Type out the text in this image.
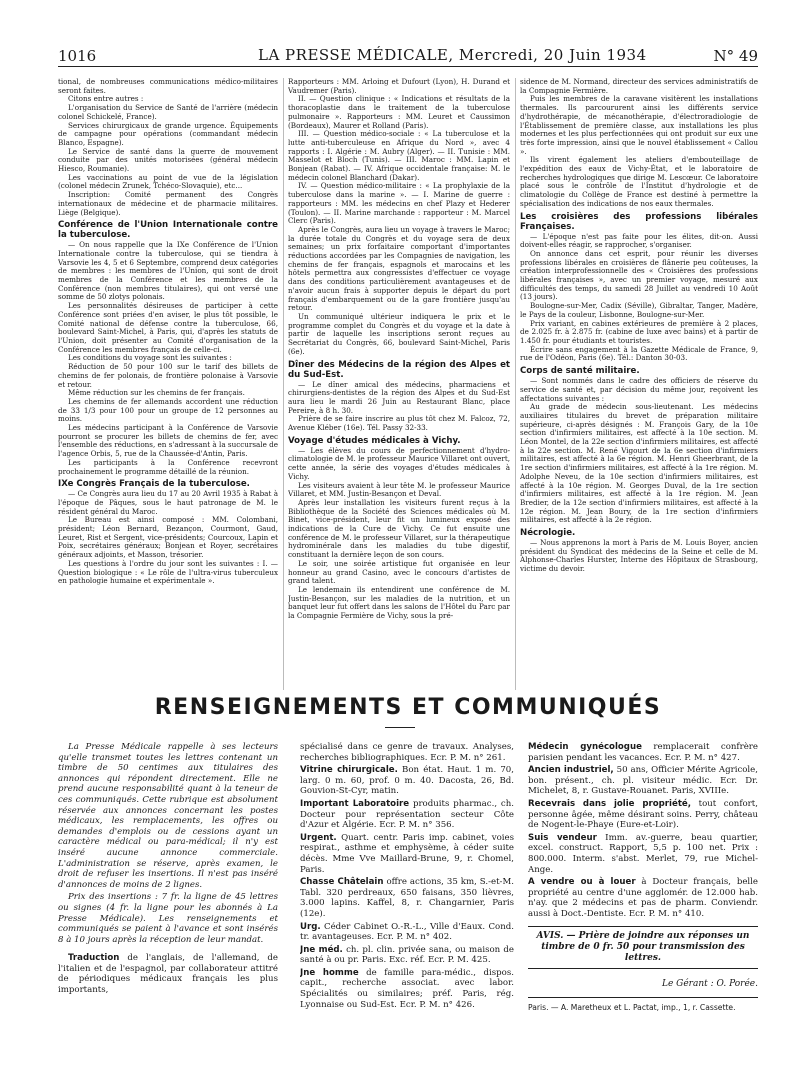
1016	LA PRESSE MÉDICALE, Mercredi, 20 Juin 1934	N° 49

tional, de nombreuses communications médico-militaires seront faites.

Citons entre autres :

L'organisation du Service de Santé de l'arrière (médecin colonel Schickelé, France).

Services chirurgicaux de grande urgence. Équipements de campagne pour opérations (commandant médecin Blanco, Espagne).

Le Service de santé dans la guerre de mouvement conduite par des unités motorisées (général médecin Hiesco, Roumanie).

Les vaccinations au point de vue de la législation (colonel médecin Zrunek, Tchéco-Slovaquie), etc...

Inscription: Comité permanent des Congrès internationaux de médecine et de pharmacie militaires. Liège (Belgique).

Conférence de l'Union Internationale contre la tuberculose.

— On nous rappelle que la IXe Conférence de l'Union Internationale contre la tuberculose, qui se tiendra à Varsovie les 4, 5 et 6 Septembre, comprend deux catégories de membres : les membres de l'Union, qui sont de droit membres de la Conférence et les membres de la Conférence (non membres titulaires), qui ont versé une somme de 50 zlotys polonais.

Les personnalités désireuses de participer à cette Conférence sont priées d'en aviser, le plus tôt possible, le Comité national de défense contre la tuberculose, 66, boulevard Saint-Michel, à Paris, qui, d'après les statuts de l'Union, doit présenter au Comité d'organisation de la Conférence les membres français de celle-ci.

Les conditions du voyage sont les suivantes :

Réduction de 50 pour 100 sur le tarif des billets de chemins de fer polonais, de frontière polonaise à Varsovie et retour.

Même réduction sur les chemins de fer français.

Les chemins de fer allemands accordent une réduction de 33 1/3 pour 100 pour un groupe de 12 personnes au moins.

Les médecins participant à la Conférence de Varsovie pourront se procurer les billets de chemins de fer, avec l'ensemble des réductions, en s'adressant à la succursale de l'agence Orbis, 5, rue de la Chaussée-d'Antin, Paris.

Les participants à la Conférence recevront prochainement le programme détaillé de la réunion.

IXe Congrès Français de la tuberculose.

— Ce Congrès aura lieu du 17 au 20 Avril 1935 à Rabat à l'époque de Pâques, sous le haut patronage de M. le résident général du Maroc.

Le Bureau est ainsi composé : MM. Colombani, président; Léon Bernard, Bezançon, Courmont, Gaud, Leuret, Rist et Sergent, vice-présidents; Courcoux, Lapin et Poix, secrétaires généraux; Bonjean et Royer, secrétaires généraux adjoints, et Masson, trésorier.

Les questions à l'ordre du jour sont les suivantes : I. — Question biologique : « Le rôle de l'ultra-virus tuberculeux en pathologie humaine et expérimentale ».

Rapporteurs : MM. Arloing et Dufourt (Lyon), H. Durand et Vaudremer (Paris).

II. — Question clinique : « Indications et résultats de la thoracoplastie dans le traitement de la tuberculose pulmonaire ». Rapporteurs : MM. Leuret et Caussimon (Bordeaux), Maurer et Rolland (Paris).

III. — Question médico-sociale : « La tuberculose et la lutte anti-tuberculeuse en Afrique du Nord », avec 4 rapports : I. Algérie : M. Aubry (Alger). — II. Tunisie : MM. Masselot et Bloch (Tunis). — III. Maroc : MM. Lapin et Bonjean (Rabat). — IV. Afrique occidentale française: M. le médecin colonel Blanchard (Dakar).

IV. — Question médico-militaire : « La prophylaxie de la tuberculose dans la marine ». — I. Marine de guerre : rapporteurs : MM. les médecins en chef Plazy et Hederer (Toulon). — II. Marine marchande : rapporteur : M. Marcel Clerc (Paris).

Après le Congrès, aura lieu un voyage à travers le Maroc; la durée totale du Congrès et du voyage sera de deux semaines; un prix forfaitaire comportant d'importantes réductions accordées par les Compagnies de navigation, les chemins de fer français, espagnols et marocains et les hôtels permettra aux congressistes d'effectuer ce voyage dans des conditions particulièrement avantageuses et de n'avoir aucun frais à supporter depuis le départ du port français d'embarquement ou de la gare frontière jusqu'au retour.

Un communiqué ultérieur indiquera le prix et le programme complet du Congrès et du voyage et la date à partir de laquelle les inscriptions seront reçues au Secrétariat du Congrès, 66, boulevard Saint-Michel, Paris (6e).

Dîner des Médecins de la région des Alpes et du Sud-Est.

— Le dîner amical des médecins, pharmaciens et chirurgiens-dentistes de la région des Alpes et du Sud-Est aura lieu le mardi 26 Juin au Restaurant Blanc, place Pereire, à 8 h. 30.

Prière de se faire inscrire au plus tôt chez M. Falcoz, 72, Avenue Kléber (16e). Tél. Passy 32-33.

Voyage d'études médicales à Vichy.

— Les élèves du cours de perfectionnement d'hydro-climatologie de M. le professeur Maurice Villaret ont ouvert, cette année, la série des voyages d'études médicales à Vichy.

Les visiteurs avaient à leur tête M. le professeur Maurice Villaret, et MM. Justin-Besançon et Deval.

Après leur installation les visiteurs furent reçus à la Bibliothèque de la Société des Sciences médicales où M. Binet, vice-président, leur fit un lumineux exposé des indications de la Cure de Vichy. Ce fut ensuite une conférence de M. le professeur Villaret, sur la thérapeutique hydrominérale dans les maladies du tube digestif, constituant la dernière leçon de son cours.

Le soir, une soirée artistique fut organisée en leur honneur au grand Casino, avec le concours d'artistes de grand talent.

Le lendemain ils entendirent une conférence de M. Justin-Besançon, sur les maladies de la nutrition, et un banquet leur fut offert dans les salons de l'Hôtel du Parc par la Compagnie Fermière de Vichy, sous la pré-

sidence de M. Normand, directeur des services administratifs de la Compagnie Fermière.

Puis les membres de la caravane visitèrent les installations thermales. Ils parcoururent ainsi les différents service d'hydrothérapie, de mécanothérapie, d'électroradiologie de l'Établissement de première classe, aux installations les plus modernes et les plus perfectionnées qui ont produit sur eux une très forte impression, ainsi que le nouvel établissement « Callou ».

Ils virent également les ateliers d'embouteillage de l'expédition des eaux de Vichy-État, et le laboratoire de recherches hydrologiques que dirige M. Lescœur. Ce laboratoire placé sous le contrôle de l'Institut d'hydrologie et de climatologie du Collège de France est destiné à permettre la spécialisation des indications de nos eaux thermales.

Les croisières des professions libérales Françaises.

— L'époque n'est pas faite pour les élites, dit-on. Aussi doivent-elles réagir, se rapprocher, s'organiser.

On annonce dans cet esprit, pour réunir les diverses professions libérales en croisières de flânerie peu coûteuses, la création interprofessionnelle des « Croisières des professions libérales françaises », avec un premier voyage, mesuré aux difficultés des temps, du samedi 28 Juillet au vendredi 10 Août (13 jours).

Boulogne-sur-Mer, Cadix (Séville), Gibraltar, Tanger, Madère, le Pays de la couleur, Lisbonne, Boulogne-sur-Mer.

Prix variant, en cabines extérieures de première à 2 places, de 2.025 fr. à 2.875 fr. (cabine de luxe avec bains) et à partir de 1.450 fr. pour étudiants et touristes.

Écrire sans engagement à la Gazette Médicale de France, 9, rue de l'Odéon, Paris (6e). Tél.: Danton 30-03.

Corps de santé militaire.

— Sont nommés dans le cadre des officiers de réserve du service de santé et, par décision du même jour, reçoivent les affectations suivantes :

Au grade de médecin sous-lieutenant. Les médecins auxiliaires titulaires du brevet de préparation militaire supérieure, ci-après désignés : M. François Gary, de la 10e section d'infirmiers militaires, est affecté à la 10e section. M. Léon Montel, de la 22e section d'infirmiers militaires, est affecté à la 22e section. M. René Vigourt de la 6e section d'infirmiers militaires, est affecté à la 6e région. M. Henri Gheerbrant, de la 1re section d'infirmiers militaires, est affecté à la 1re région. M. Adolphe Neveu, de la 10e section d'infirmiers militaires, est affecté à la 10e région. M. Georges Duval, de la 1re section d'infirmiers militaires, est affecté à la 1re région. M. Jean Bredier, de la 12e section d'infirmiers militaires, est affecté à la 12e région. M. Jean Boury, de la 1re section d'infirmiers militaires, est affecté à la 2e région.

Nécrologie.

— Nous apprenons la mort à Paris de M. Louis Boyer, ancien président du Syndicat des médecins de la Seine et celle de M. Alphonse-Charles Hurster, Interne des Hôpitaux de Strasbourg, victime du devoir.

RENSEIGNEMENTS ET COMMUNIQUÉS

La Presse Médicale rappelle à ses lecteurs qu'elle transmet toutes les lettres contenant un timbre de 50 centimes aux titulaires des annonces qui répondent directement. Elle ne prend aucune responsabilité quant à la teneur de ces communiqués. Cette rubrique est absolument réservée aux annonces concernant les postes médicaux, les remplacements, les offres ou demandes d'emplois ou de cessions ayant un caractère médical ou para-médical; il n'y est inséré aucune annonce commerciale. L'administration se réserve, après examen, le droit de refuser les insertions. Il n'est pas inséré d'annonces de moins de 2 lignes.

Prix des insertions : 7 fr. la ligne de 45 lettres ou signes (4 fr. la ligne pour les abonnés à La Presse Médicale). Les renseignements et communiqués se paient à l'avance et sont insérés 8 à 10 jours après la réception de leur mandat.

Traduction de l'anglais, de l'allemand, de l'italien et de l'espagnol, par collaborateur attitré de périodiques médicaux français les plus importants,

spécialisé dans ce genre de travaux. Analyses, recherches bibliographiques. Ecr. P. M. n° 261.

Vitrine chirurgicale. Bon état. Haut. 1 m. 70, larg. 0 m. 60, prof. 0 m. 40. Dacosta, 26, Bd. Gouvion-St-Cyr, matin.

Important Laboratoire produits pharmac., ch. Docteur pour représentation secteur Côte d'Azur et Algérie. Ecr. P. M. n° 356.

Urgent. Quart. centr. Paris imp. cabinet, voies respirat., asthme et emphysème, à céder suite décès. Mme Vve Maillard-Brune, 9, r. Chomel, Paris.

Chasse Châtelain offre actions, 35 km, S.-et-M. Tabl. 320 perdreaux, 650 faisans, 350 lièvres, 3.000 lapins. Kaffel, 8, r. Changarnier, Paris (12e).

Urg. Céder Cabinet O.-R.-L., Ville d'Eaux. Cond. tr. avantageuses. Ecr. P. M. n° 402.

Jne méd. ch. pl. clin. privée sana, ou maison de santé à ou pr. Paris. Exc. réf. Ecr. P. M. 425.

Jne homme de famille para-médic., dispos. capit., recherche associat. avec labor. Spécialités ou similaires; préf. Paris, rég. Lyonnaise ou Sud-Est. Ecr. P. M. n° 426.

Médecin gynécologue remplacerait confrère parisien pendant les vacances. Ecr. P. M. n° 427.

Ancien industriel, 50 ans, Officier Mérite Agricole, bon. présent., ch. pl. visiteur médic. Ecr. Dr. Michelet, 8, r. Gustave-Rouanet. Paris, XVIIIe.

Recevrais dans jolie propriété, tout confort, personne âgée, même désirant soins. Perry, château de Nogent-le-Phaye (Eure-et-Loir).

Suis vendeur Imm. av.-guerre, beau quartier, excel. construct. Rapport, 5,5 p. 100 net. Prix : 800.000. Interm. s'abst. Merlet, 79, rue Michel-Ange.

A vendre ou à louer à Docteur français, belle propriété au centre d'une agglomér. de 12.000 hab. n'ay. que 2 médecins et pas de pharm. Conviendr. aussi à Doct.-Dentiste. Ecr. P. M. n° 410.

AVIS. — Prière de joindre aux réponses un timbre de 0 fr. 50 pour transmission des lettres.
Le Gérant : O. Porée.
Paris. — A. Maretheux et L. Pactat, imp., 1, r. Cassette.
